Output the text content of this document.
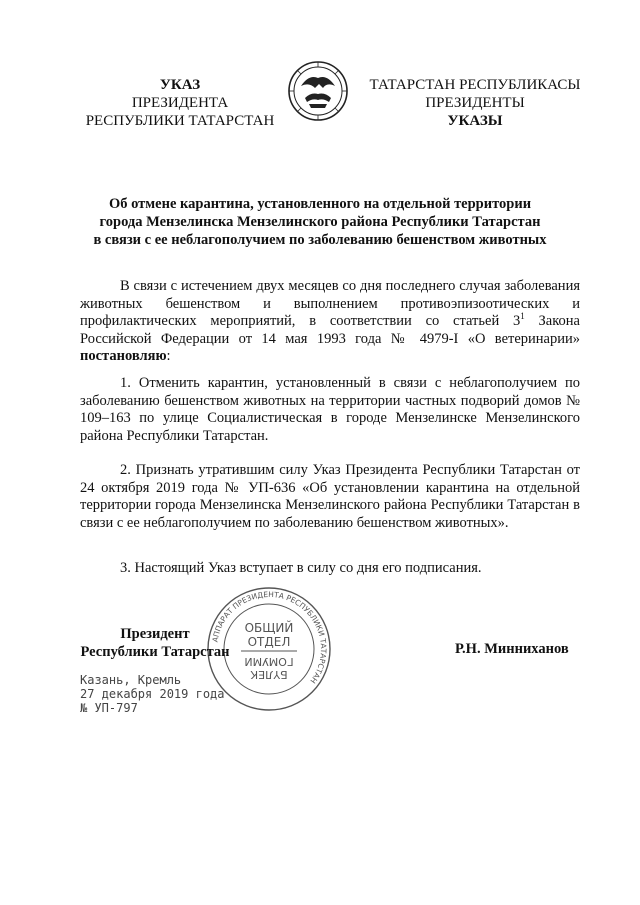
УКАЗ
ПРЕЗИДЕНТА
РЕСПУБЛИКИ ТАТАРСТАН
ТАТАРСТАН РЕСПУБЛИКАСЫ
ПРЕЗИДЕНТЫ
УКАЗЫ
Об отмене карантина, установленного на отдельной территории
города Мензелинска Мензелинского района Республики Татарстан
в связи с ее неблагополучием по заболеванию бешенством животных

В связи с истечением двух месяцев со дня последнего случая заболевания животных бешенством и выполнением противоэпизоотических и профилактических мероприятий, в соответствии со статьей $3^1$ Закона Российской Федерации от 14 мая 1993 года № 4979-I «О ветеринарии» постановляю:

1. Отменить карантин, установленный в связи с неблагополучием по заболеванию бешенством животных на территории частных подворий домов № 109–163 по улице Социалистическая в городе Мензелинске Мензелинского района Республики Татарстан.

2. Признать утратившим силу Указ Президента Республики Татарстан от 24 октября 2019 года № УП-636 «Об установлении карантина на отдельной территории города Мензелинска Мензелинского района Республики Татарстан в связи с ее неблагополучием по заболеванию бешенством животных».

3. Настоящий Указ вступает в силу со дня его подписания.

АППАРАТ ПРЕЗИДЕНТА РЕСПУБЛИКИ ТАТАРСТАН
ОБЩИЙ
ОТДЕЛ
БҮЛЕК
ГОМУМИ
Президент
Республики Татарстан	Р.Н. Минниханов
Казань, Кремль
27 декабря 2019 года
№ УП-797
